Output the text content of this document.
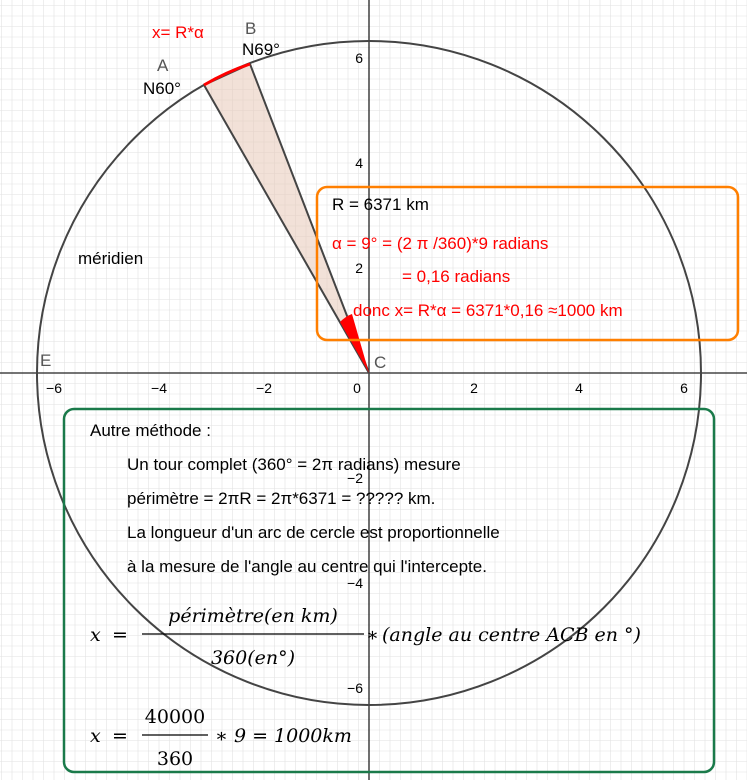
−6	−4	−2	0	2	4	6
6
4
2
−2
−4
−6
x= R*α B
N69°
A
N60°
C
E
méridien
R = 6371 km
α = 9° = (2 π /360)*9 radians
= 0,16 radians
donc x= R*α = 6371*0,16 ≈1000 km
Autre méthode :
Un tour complet (360° = 2π radians) mesure
périmètre = 2πR = 2π*6371 = ????? km.
La longueur d'un arc de cercle est proportionnelle
à la mesure de l'angle au centre qui l'intercepte.
x =
périmètre(en km)
360(en°)
∗ (angle au centre ACB en °)
x =
40000
360
∗ 9 = 1000km
